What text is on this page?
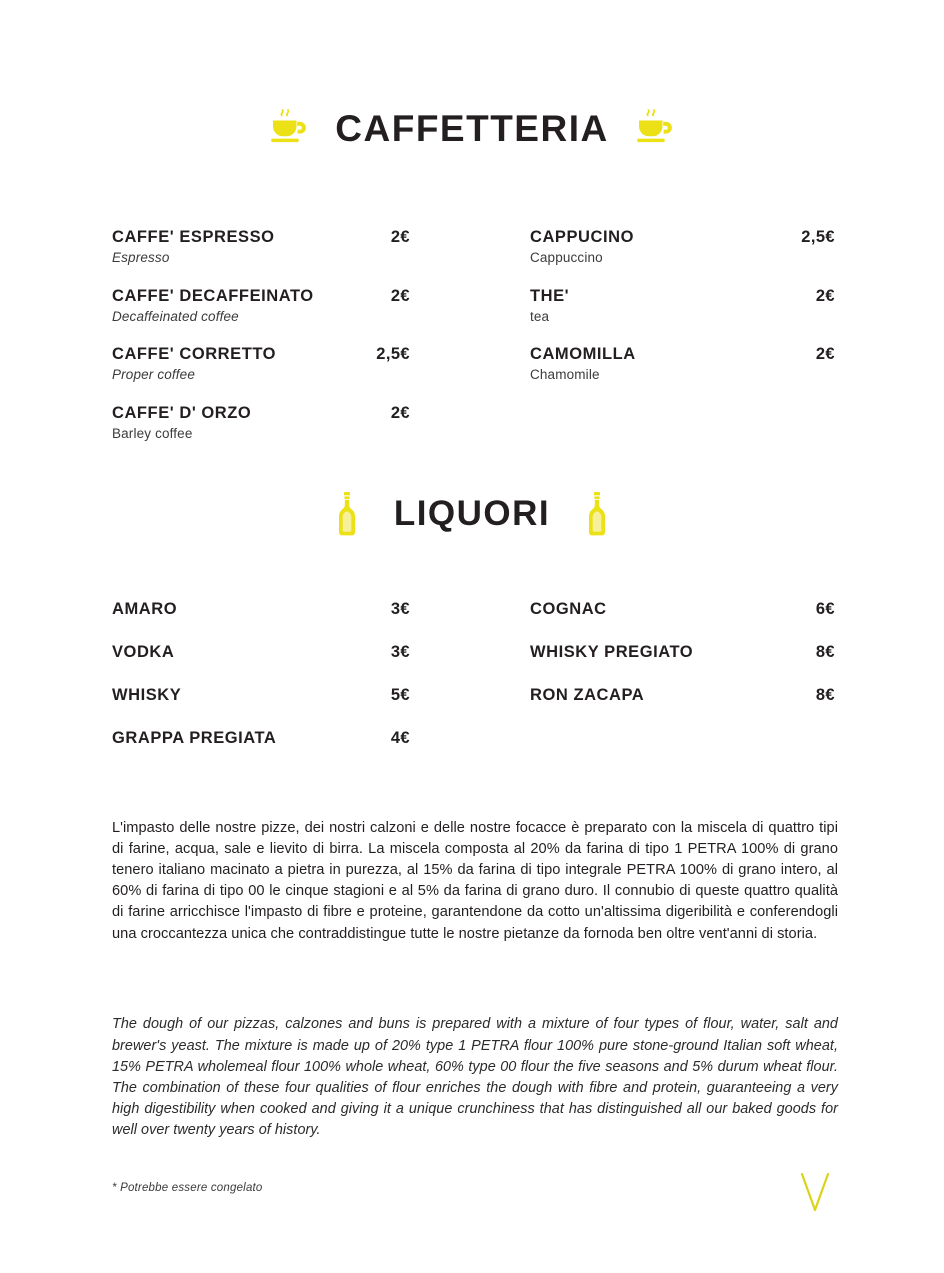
CAFFETTERIA
CAFFE' ESPRESSO	2€
Espresso
CAFFE' DECAFFEINATO	2€
Decaffeinated coffee
CAFFE' CORRETTO	2,5€
Proper coffee
CAFFE' D' ORZO	2€
Barley coffee
CAPPUCINO	2,5€
Cappuccino
THE'	2€
tea
CAMOMILLA	2€
Chamomile
LIQUORI
AMARO	3€
VODKA	3€
WHISKY	5€
GRAPPA PREGIATA	4€
COGNAC	6€
WHISKY PREGIATO	8€
RON ZACAPA	8€

L'impasto delle nostre pizze, dei nostri calzoni e delle nostre focacce è preparato con la miscela di quattro tipi di farine, acqua, sale e lievito di birra. La miscela composta al 20% da farina di tipo 1 PETRA 100% di grano tenero italiano macinato a pietra in purezza, al 15% da farina di tipo integrale PETRA 100% di grano intero, al 60% di farina di tipo 00 le cinque stagioni e al 5% da farina di grano duro. Il connubio di queste quattro qualità di farine arricchisce l'impasto di fibre e proteine, garantendone da cotto un'altissima digeribilità e conferendogli una croccantezza unica che contraddistingue tutte le nostre pietanze da fornoda ben oltre vent'anni di storia.

The dough of our pizzas, calzones and buns is prepared with a mixture of four types of flour, water, salt and brewer's yeast. The mixture is made up of 20% type 1 PETRA flour 100% pure stone-ground Italian soft wheat, 15% PETRA wholemeal flour 100% whole wheat, 60% type 00 flour the five seasons and 5% durum wheat flour. The combination of these four qualities of flour enriches the dough with fibre and protein, guaranteeing a very high digestibility when cooked and giving it a unique crunchiness that has distinguished all our baked goods for well over twenty years of history.

* Potrebbe essere congelato
